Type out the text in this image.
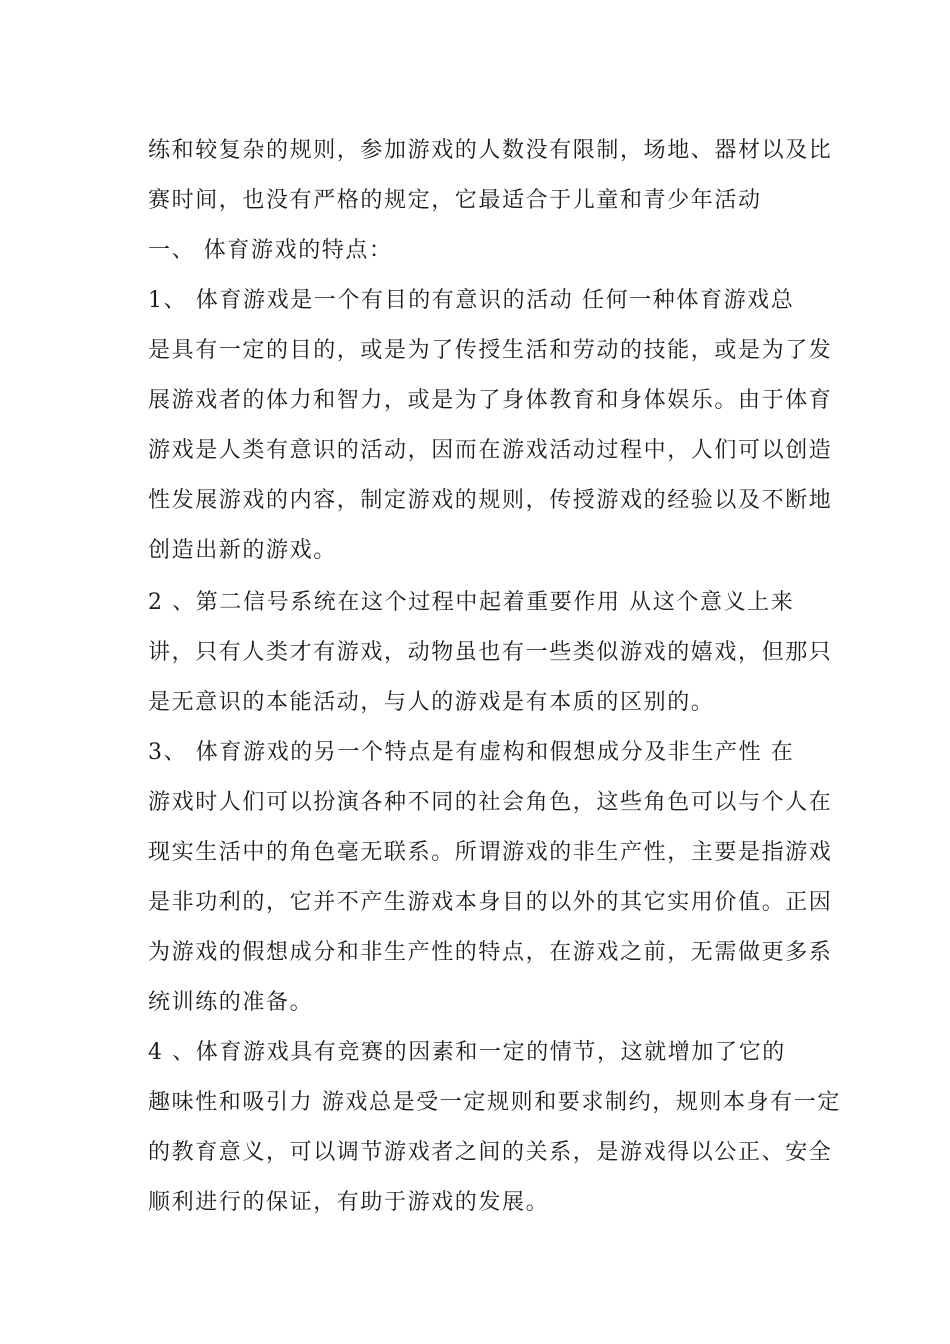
练和较复杂的规则，参加游戏的人数没有限制，场地、器材以及比
赛时间，也没有严格的规定，它最适合于儿童和青少年活动
一、 体育游戏的特点：
1、 体育游戏是一个有目的有意识的活动 任何一种体育游戏总
是具有一定的目的，或是为了传授生活和劳动的技能，或是为了发
展游戏者的体力和智力，或是为了身体教育和身体娱乐。由于体育
游戏是人类有意识的活动，因而在游戏活动过程中，人们可以创造
性发展游戏的内容，制定游戏的规则，传授游戏的经验以及不断地
创造出新的游戏。
2 、第二信号系统在这个过程中起着重要作用 从这个意义上来
讲，只有人类才有游戏，动物虽也有一些类似游戏的嬉戏，但那只
是无意识的本能活动，与人的游戏是有本质的区别的。
3、 体育游戏的另一个特点是有虚构和假想成分及非生产性 在
游戏时人们可以扮演各种不同的社会角色，这些角色可以与个人在
现实生活中的角色毫无联系。所谓游戏的非生产性，主要是指游戏
是非功利的，它并不产生游戏本身目的以外的其它实用价值。正因
为游戏的假想成分和非生产性的特点，在游戏之前，无需做更多系
统训练的准备。
4 、体育游戏具有竞赛的因素和一定的情节，这就增加了它的
趣味性和吸引力 游戏总是受一定规则和要求制约，规则本身有一定
的教育意义，可以调节游戏者之间的关系，是游戏得以公正、安全
顺利进行的保证，有助于游戏的发展。
